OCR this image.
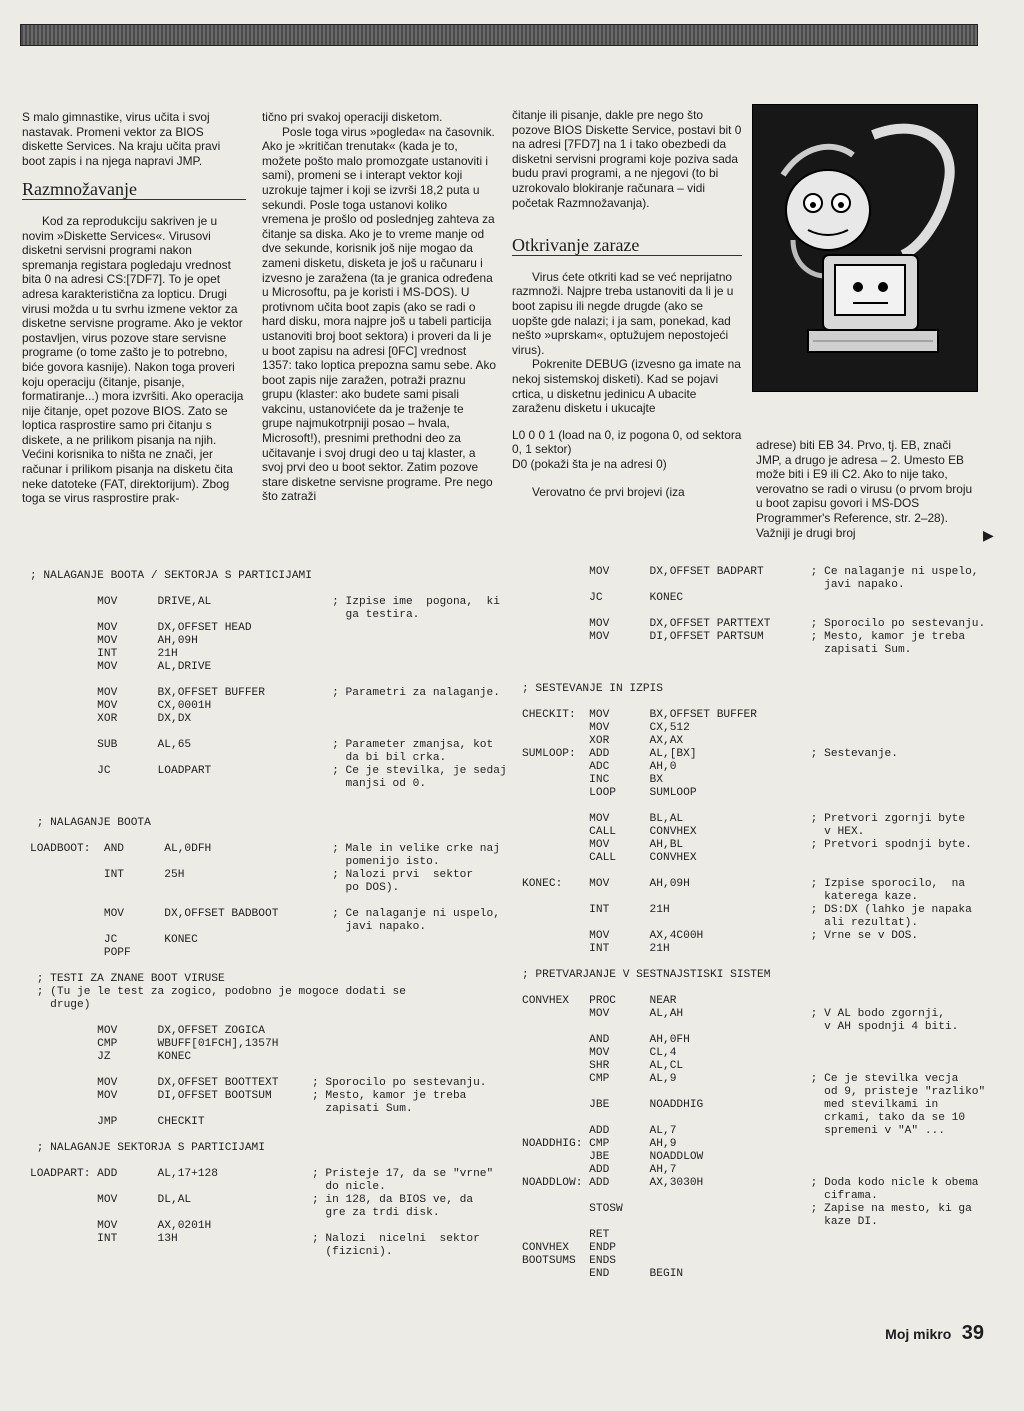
S malo gimnastike, virus učita i svoj nastavak. Promeni vektor za BIOS diskette Services. Na kraju učita pravi boot zapis i na njega napravi JMP.

Razmnožavanje

Kod za reprodukciju sakriven je u novim »Diskette Services«. Virusovi disketni servisni programi nakon spremanja registara pogledaju vrednost bita 0 na adresi CS:[7DF7]. To je opet adresa karakteristična za lopticu. Drugi virusi možda u tu svrhu izmene vektor za disketne servisne programe. Ako je vektor postavljen, virus pozove stare servisne programe (o tome zašto je to potrebno, biće govora kasnije). Nakon toga proveri koju operaciju (čitanje, pisanje, formatiranje...) mora izvršiti. Ako operacija nije čitanje, opet pozove BIOS. Zato se loptica rasprostire samo pri čitanju s diskete, a ne prilikom pisanja na njih. Većini korisnika to ništa ne znači, jer računar i prilikom pisanja na disketu čita neke datoteke (FAT, direktorijum). Zbog toga se virus rasprostire prak-

tično pri svakoj operaciji disketom.

Posle toga virus »pogleda« na časovnik. Ako je »kritičan trenutak« (kada je to, možete pošto malo promozgate ustanoviti i sami), promeni se i interapt vektor koji uzrokuje tajmer i koji se izvrši 18,2 puta u sekundi. Posle toga ustanovi koliko vremena je prošlo od poslednjeg zahteva za čitanje sa diska. Ako je to vreme manje od dve sekunde, korisnik još nije mogao da zameni disketu, disketa je još u računaru i izvesno je zaražena (ta je granica određena u Microsoftu, pa je koristi i MS-DOS). U protivnom učita boot zapis (ako se radi o hard disku, mora najpre još u tabeli particija ustanoviti broj boot sektora) i proveri da li je u boot zapisu na adresi [0FC] vrednost 1357: tako loptica prepozna samu sebe. Ako boot zapis nije zaražen, potraži praznu grupu (klaster: ako budete sami pisali vakcinu, ustanovićete da je traženje te grupe najmukotrpniji posao – hvala, Microsoft!), presnimi prethodni deo za učitavanje i svoj drugi deo u taj klaster, a svoj prvi deo u boot sektor. Zatim pozove stare disketne servisne programe. Pre nego što zatraži

čitanje ili pisanje, dakle pre nego što pozove BIOS Diskette Service, postavi bit 0 na adresi [7FD7] na 1 i tako obezbedi da disketni servisni programi koje poziva sada budu pravi programi, a ne njegovi (to bi uzrokovalo blokiranje računara – vidi početak Razmnožavanja).

Otkrivanje zaraze

Virus ćete otkriti kad se već neprijatno razmnoži. Najpre treba ustanoviti da li je u boot zapisu ili negde drugde (ako se uopšte gde nalazi; i ja sam, ponekad, kad nešto »uprskam«, optužujem nepostojeći virus).

Pokrenite DEBUG (izvesno ga imate na nekoj sistemskoj disketi). Kad se pojavi crtica, u disketnu jedinicu A ubacite zaraženu disketu i ukucajte

L0 0 0 1 (load na 0, iz pogona 0, od sektora 0, 1 sektor)

D0 (pokaži šta je na adresi 0)

Verovatno će prvi brojevi (iza

adrese) biti EB 34. Prvo, tj. EB, znači JMP, a drugo je adresa – 2. Umesto EB može biti i E9 ili C2. Ako to nije tako, verovatno se radi o virusu (o prvom broju u boot zapisu govori i MS-DOS Programmer's Reference, str. 2–28). Važniji je drugi broj	▶
; NALAGANJE BOOTA / SEKTORJA S PARTICIJAMI

MOV      DRIVE,AL                  ; Izpise ime  pogona,  ki
ga testira.
MOV      DX,OFFSET HEAD
MOV      AH,09H
INT      21H
MOV      AL,DRIVE

MOV      BX,OFFSET BUFFER          ; Parametri za nalaganje.
MOV      CX,0001H
XOR      DX,DX

SUB      AL,65                     ; Parameter zmanjsa, kot
da bi bil crka.
JC       LOADPART                  ; Ce je stevilka, je sedaj
manjsi od 0.

; NALAGANJE BOOTA

LOADBOOT:  AND      AL,0DFH                  ; Male in velike crke naj
pomenijo isto.
INT      25H                      ; Nalozi prvi  sektor
po DOS).

MOV      DX,OFFSET BADBOOT        ; Ce nalaganje ni uspelo,
javi napako.
JC       KONEC
POPF

; TESTI ZA ZNANE BOOT VIRUSE
; (Tu je le test za zogico, podobno je mogoce dodati se
druge)

MOV      DX,OFFSET ZOGICA
CMP      WBUFF[01FCH],1357H
JZ       KONEC

MOV      DX,OFFSET BOOTTEXT     ; Sporocilo po sestevanju.
MOV      DI,OFFSET BOOTSUM      ; Mesto, kamor je treba
zapisati Sum.
JMP      CHECKIT

; NALAGANJE SEKTORJA S PARTICIJAMI

LOADPART: ADD      AL,17+128              ; Pristeje 17, da se "vrne"
do nicle.
MOV      DL,AL                  ; in 128, da BIOS ve, da
gre za trdi disk.
MOV      AX,0201H
INT      13H                    ; Nalozi  nicelni  sektor
(fizicni).
MOV      DX,OFFSET BADPART       ; Ce nalaganje ni uspelo,
javi napako.
JC       KONEC

MOV      DX,OFFSET PARTTEXT      ; Sporocilo po sestevanju.
MOV      DI,OFFSET PARTSUM       ; Mesto, kamor je treba
zapisati Sum.

; SESTEVANJE IN IZPIS

CHECKIT:  MOV      BX,OFFSET BUFFER
MOV      CX,512
XOR      AX,AX
SUMLOOP:  ADD      AL,[BX]                 ; Sestevanje.
ADC      AH,0
INC      BX
LOOP     SUMLOOP

MOV      BL,AL                   ; Pretvori zgornji byte
CALL     CONVHEX                   v HEX.
MOV      AH,BL                   ; Pretvori spodnji byte.
CALL     CONVHEX

KONEC:    MOV      AH,09H                  ; Izpise sporocilo,  na
katerega kaze.
INT      21H                     ; DS:DX (lahko je napaka
ali rezultat).
MOV      AX,4C00H                ; Vrne se v DOS.
INT      21H

; PRETVARJANJE V SESTNAJSTISKI SISTEM

CONVHEX   PROC     NEAR
MOV      AL,AH                   ; V AL bodo zgornji,
v AH spodnji 4 biti.
AND      AH,0FH
MOV      CL,4
SHR      AL,CL
CMP      AL,9                    ; Ce je stevilka vecja
od 9, pristeje "razliko"
JBE      NOADDHIG                  med stevilkami in
crkami, tako da se 10
ADD      AL,7                      spremeni v "A" ...
NOADDHIG: CMP      AH,9
JBE      NOADDLOW
ADD      AH,7
NOADDLOW: ADD      AX,3030H                ; Doda kodo nicle k obema
ciframa.
STOSW                            ; Zapise na mesto, ki ga
kaze DI.
RET
CONVHEX   ENDP
BOOTSUMS  ENDS
END      BEGIN
Moj mikro 39
